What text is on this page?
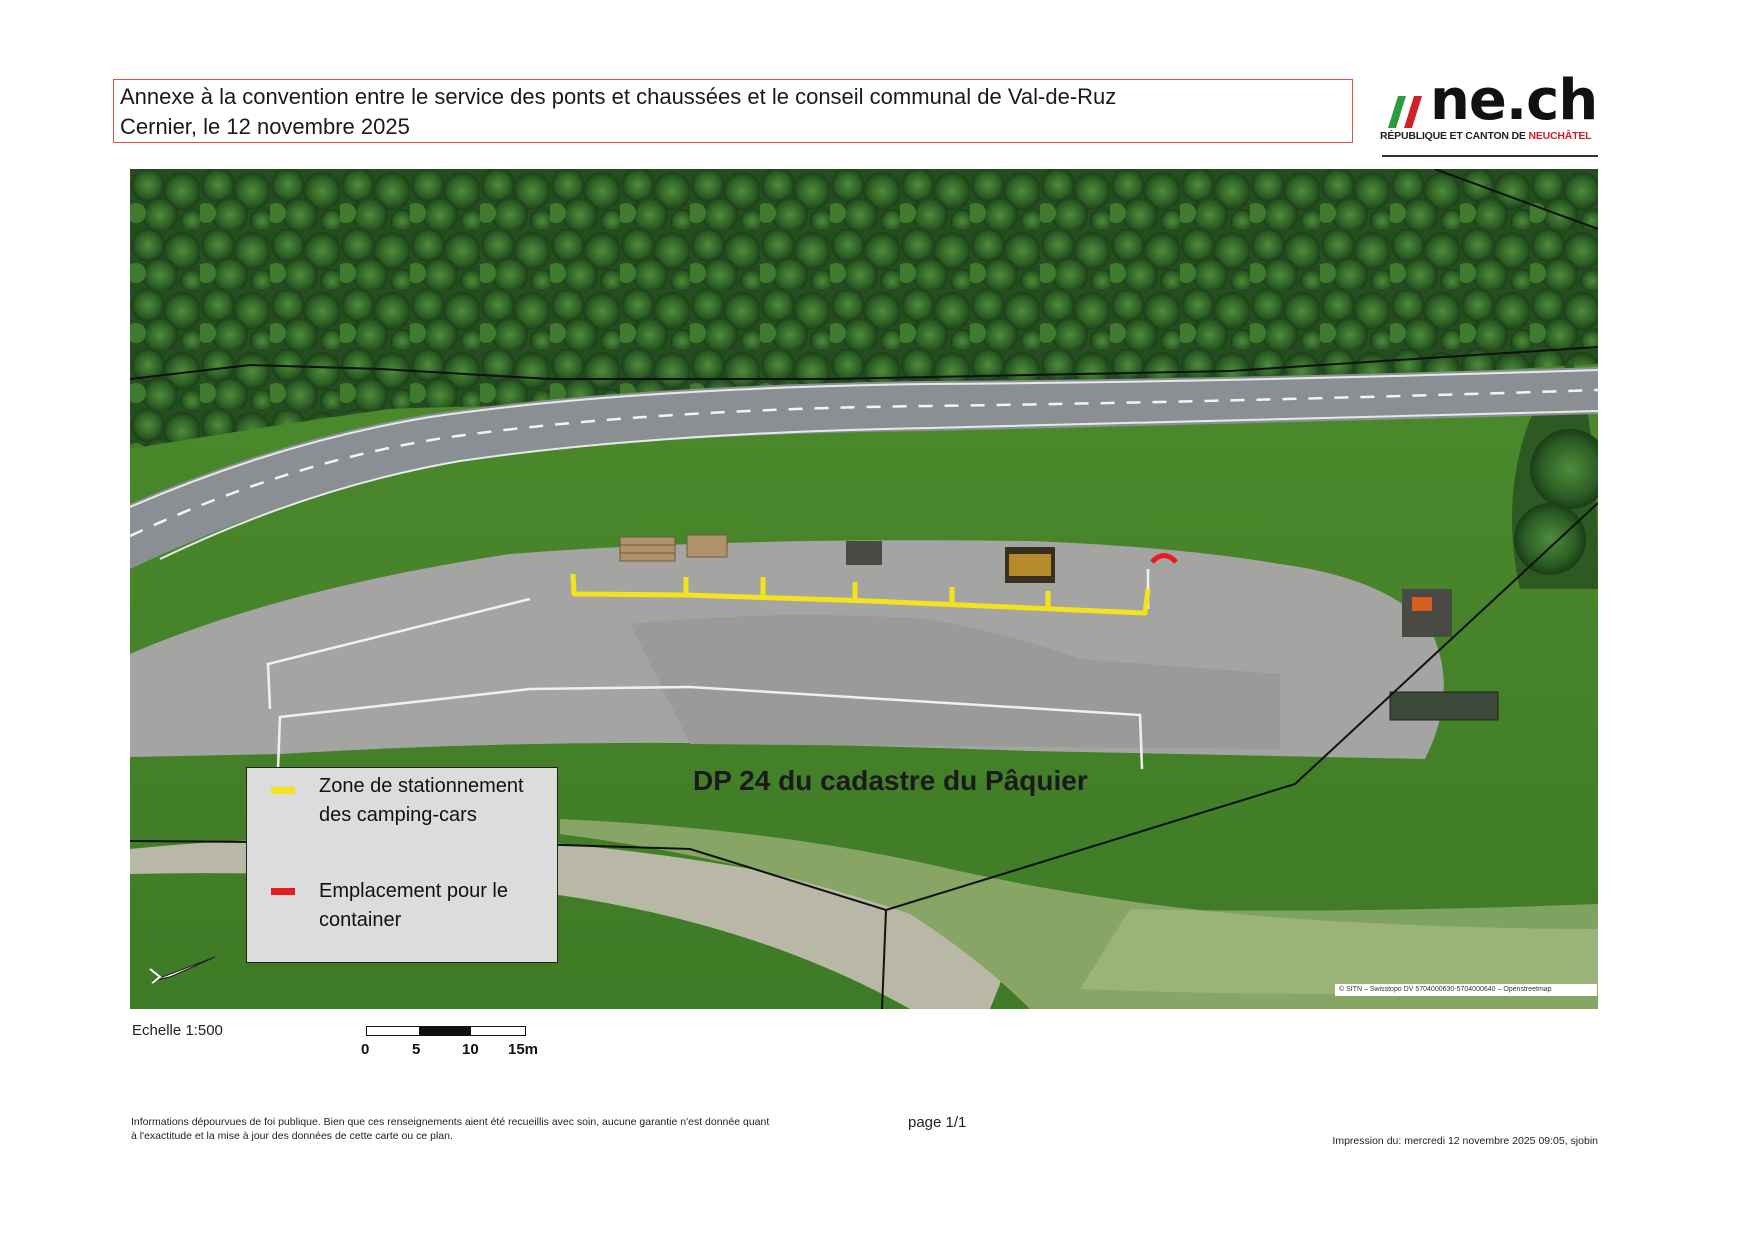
Annexe à la convention entre le service des ponts et chaussées et le conseil communal de Val-de-Ruz
Cernier, le 12 novembre 2025	ne.ch
RÉPUBLIQUE ET CANTON DE NEUCHÂTEL
Zone de stationnement des camping-cars
Emplacement pour le container
DP 24 du cadastre du Pâquier
© SITN – Swisstopo DV 5704000630-5704000640 – Openstreetmap
Echelle 1:500
0	5	10 15m
Informations dépourvues de foi publique. Bien que ces renseignements aient été recueillis avec soin, aucune garantie n'est donnée quant à l'exactitude et la mise à jour des données de cette carte ou ce plan.
page 1/1
Impression du: mercredi 12 novembre 2025 09:05, sjobin
